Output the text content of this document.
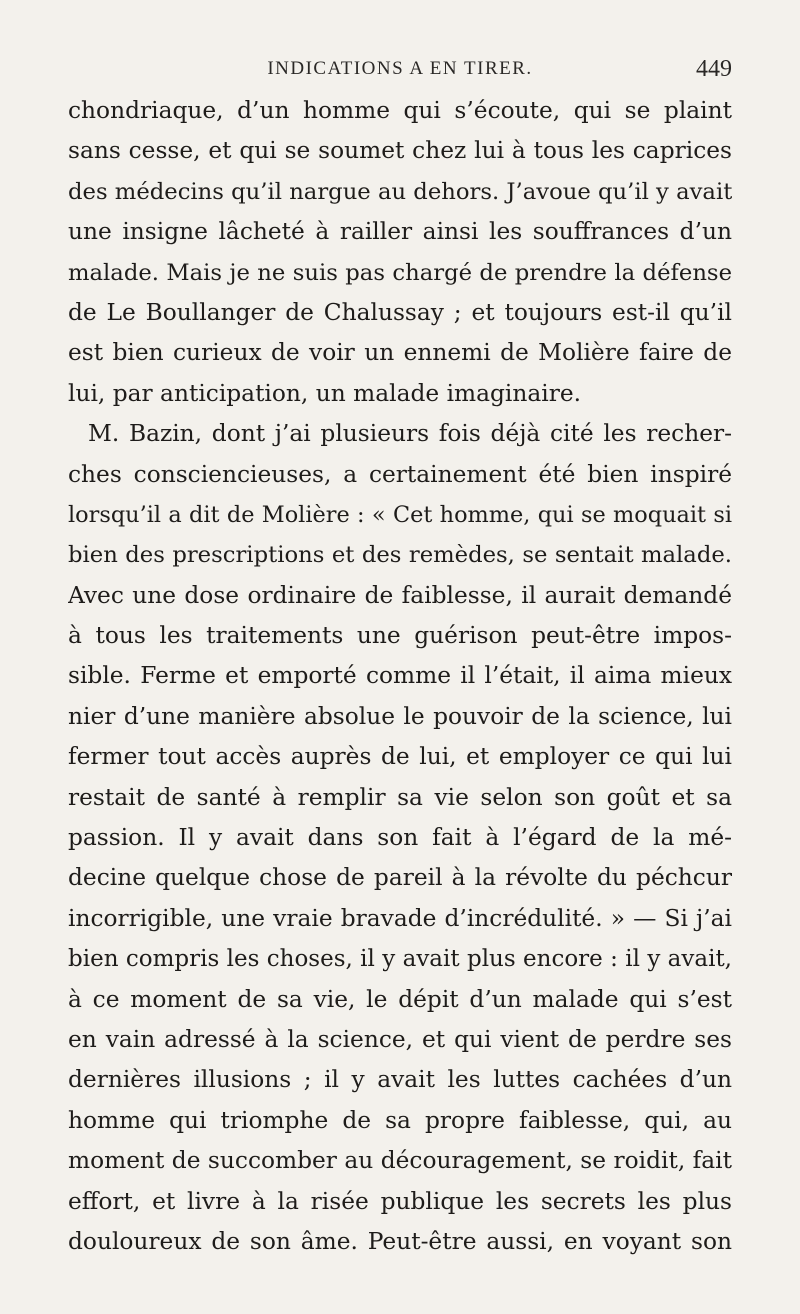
INDICATIONS A EN TIRER.	449
chondriaque, d’un homme qui s’écoute, qui se plaint
sans cesse, et qui se soumet chez lui à tous les caprices
des médecins qu’il nargue au dehors. J’avoue qu’il y avait
une insigne lâcheté à railler ainsi les souffrances d’un
malade. Mais je ne suis pas chargé de prendre la défense
de Le Boullanger de Chalussay ; et toujours est-il qu’il
est bien curieux de voir un ennemi de Molière faire de
lui, par anticipation, un malade imaginaire.
M. Bazin, dont j’ai plusieurs fois déjà cité les recher-
ches consciencieuses, a certainement été bien inspiré
lorsqu’il a dit de Molière : « Cet homme, qui se moquait si
bien des prescriptions et des remèdes, se sentait malade.
Avec une dose ordinaire de faiblesse, il aurait demandé
à tous les traitements une guérison peut-être impos-
sible. Ferme et emporté comme il l’était, il aima mieux
nier d’une manière absolue le pouvoir de la science, lui
fermer tout accès auprès de lui, et employer ce qui lui
restait de santé à remplir sa vie selon son goût et sa
passion. Il y avait dans son fait à l’égard de la mé-
decine quelque chose de pareil à la révolte du péchcur
incorrigible, une vraie bravade d’incrédulité. » — Si j’ai
bien compris les choses, il y avait plus encore : il y avait,
à ce moment de sa vie, le dépit d’un malade qui s’est
en vain adressé à la science, et qui vient de perdre ses
dernières illusions ; il y avait les luttes cachées d’un
homme qui triomphe de sa propre faiblesse, qui, au
moment de succomber au découragement, se roidit, fait
effort, et livre à la risée publique les secrets les plus
douloureux de son âme. Peut-être aussi, en voyant son
